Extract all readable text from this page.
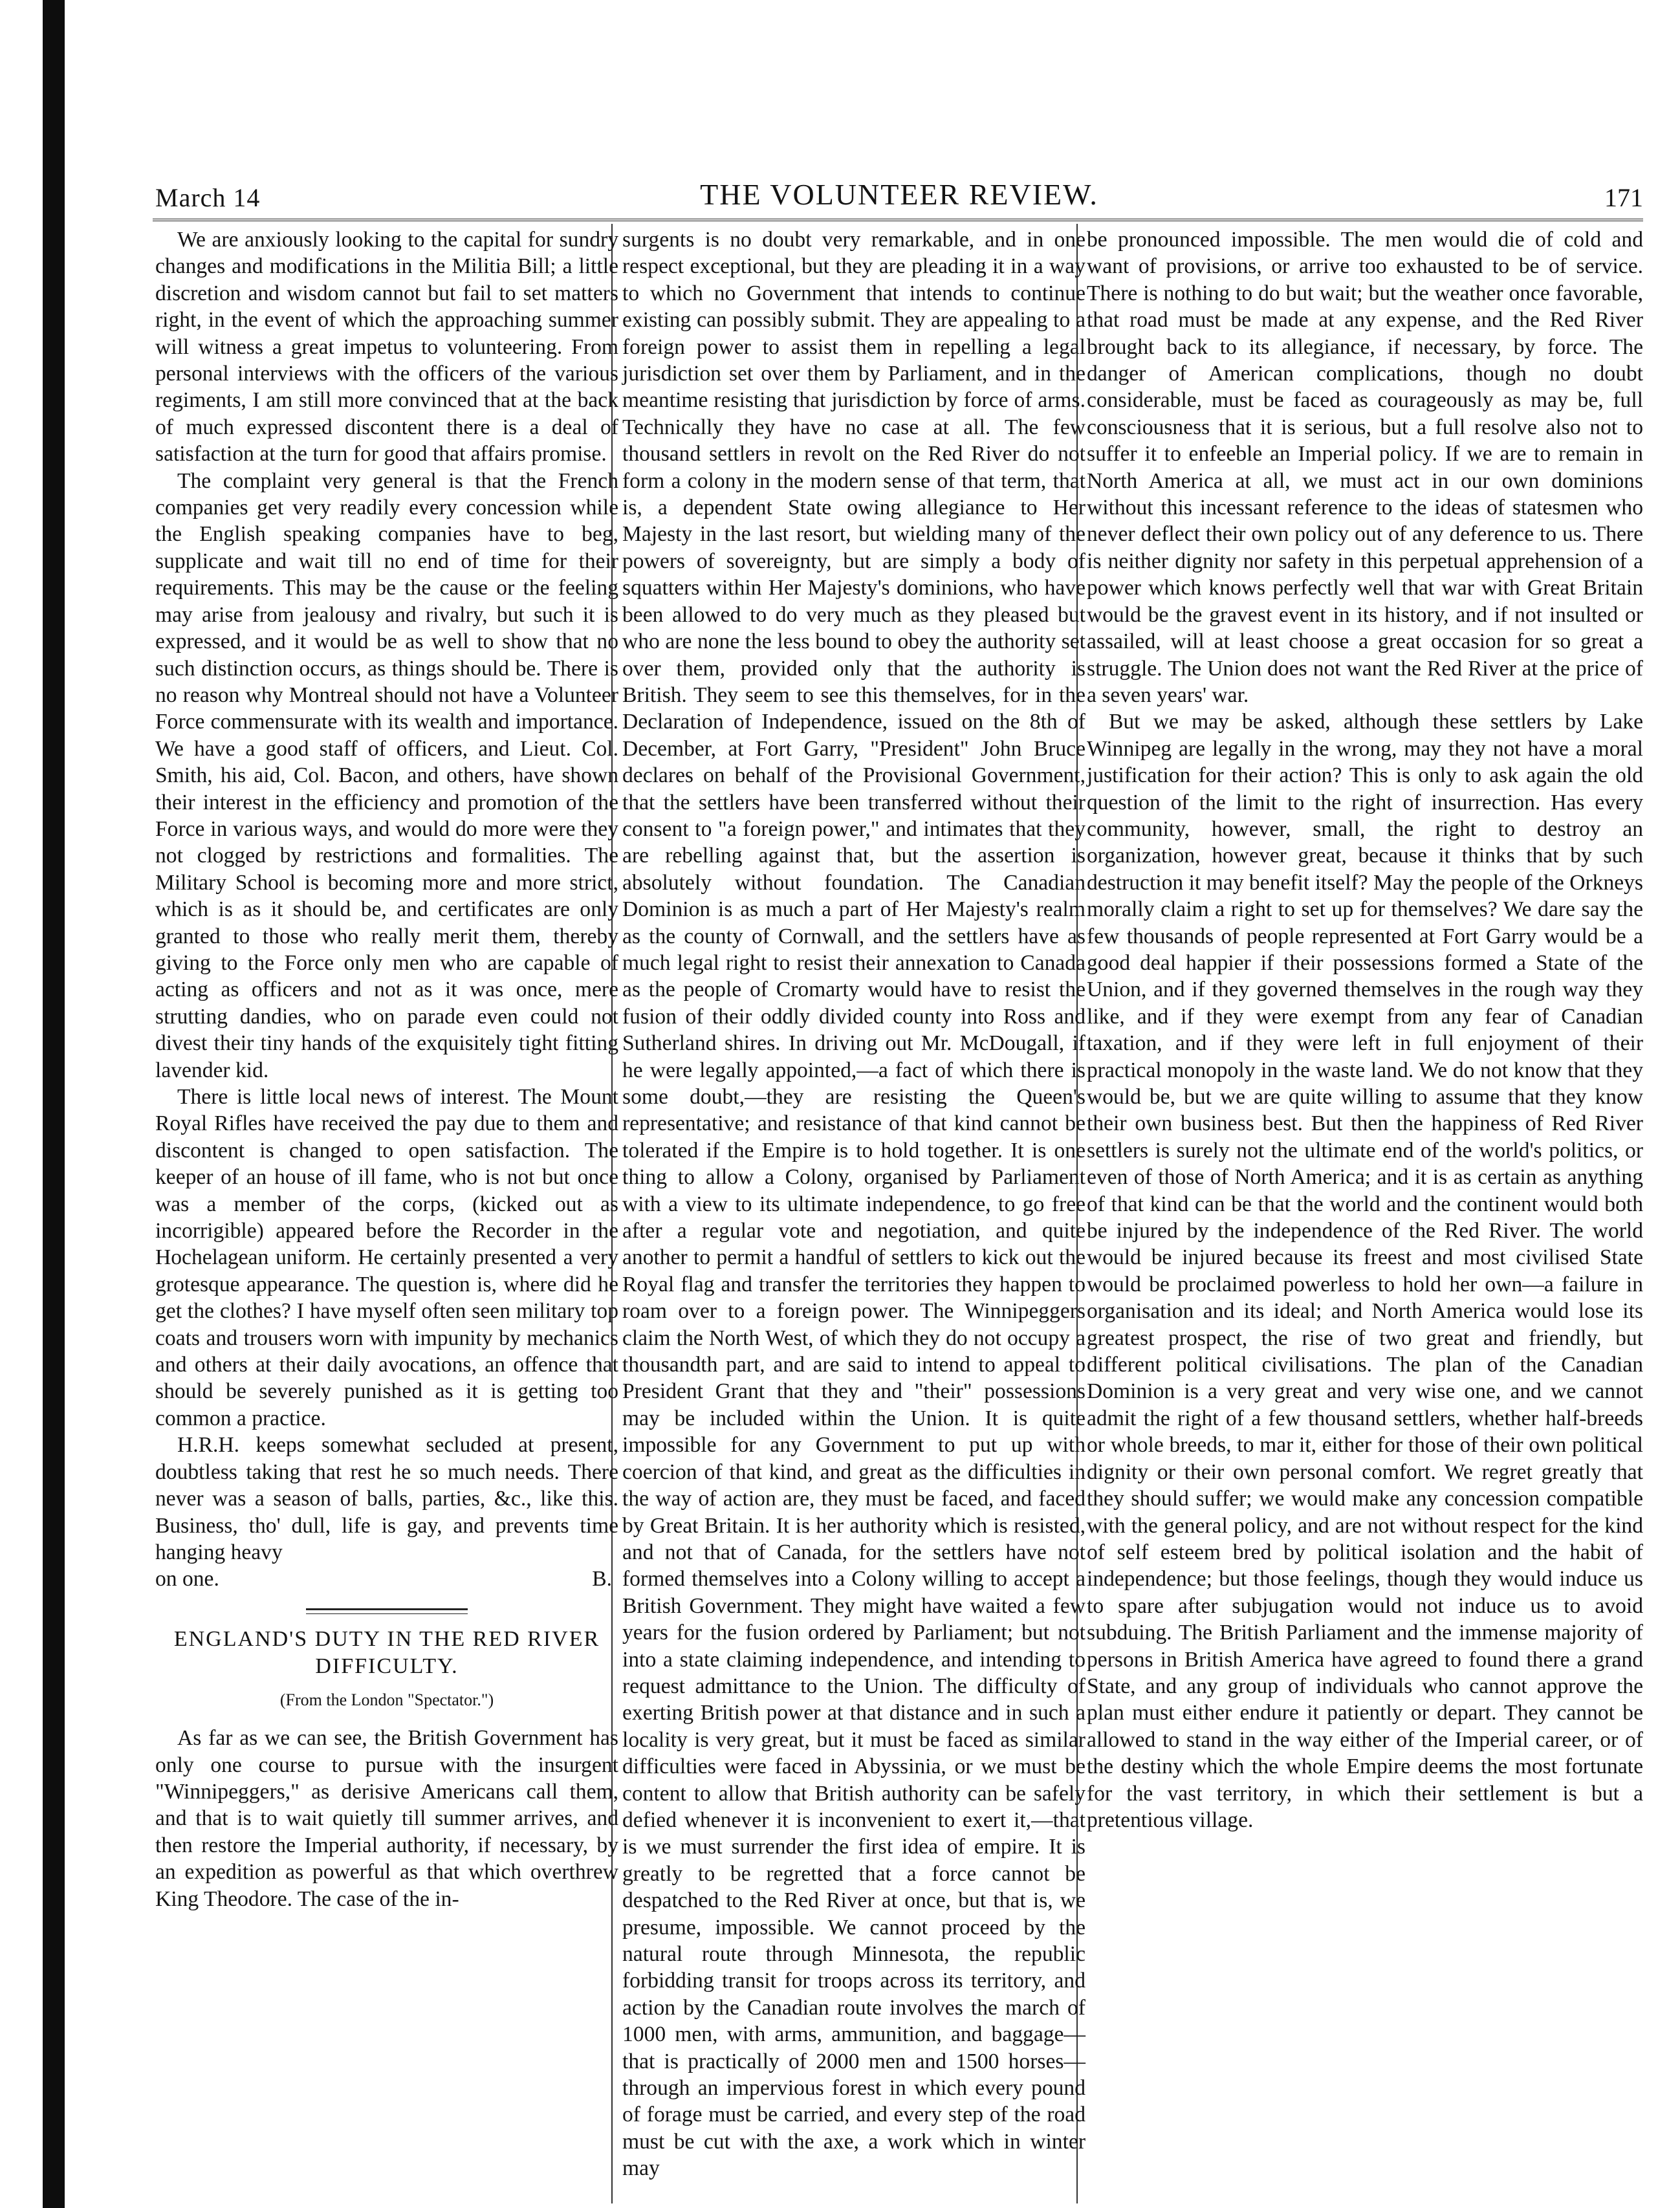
March 14	THE VOLUNTEER REVIEW.	171

We are anxiously looking to the capital for sundry changes and modifications in the Militia Bill; a little discretion and wisdom cannot but fail to set matters right, in the event of which the approaching summer will witness a great impetus to volunteering. From personal interviews with the officers of the various regiments, I am still more convinced that at the back of much expressed discontent there is a deal of satisfaction at the turn for good that affairs promise.

The complaint very general is that the French companies get very readily every concession while the English speaking companies have to beg, supplicate and wait till no end of time for their requirements. This may be the cause or the feeling may arise from jealousy and rivalry, but such it is expressed, and it would be as well to show that no such distinction occurs, as things should be. There is no reason why Montreal should not have a Volunteer Force commensurate with its wealth and importance. We have a good staff of officers, and Lieut. Col. Smith, his aid, Col. Bacon, and others, have shown their interest in the efficiency and promotion of the Force in various ways, and would do more were they not clogged by restrictions and formalities. The Military School is becoming more and more strict, which is as it should be, and certificates are only granted to those who really merit them, thereby giving to the Force only men who are capable of acting as officers and not as it was once, mere strutting dandies, who on parade even could not divest their tiny hands of the exquisitely tight fitting lavender kid.

There is little local news of interest. The Mount Royal Rifles have received the pay due to them and discontent is changed to open satisfaction. The keeper of an house of ill fame, who is not but once was a member of the corps, (kicked out as incorrigible) appeared before the Recorder in the Hochelagean uniform. He certainly presented a very grotesque appearance. The question is, where did he get the clothes? I have myself often seen military top coats and trousers worn with impunity by mechanics and others at their daily avocations, an offence that should be severely punished as it is getting too common a practice.

H.R.H. keeps somewhat secluded at present, doubtless taking that rest he so much needs. There never was a season of balls, parties, &c., like this. Business, tho' dull, life is gay, and prevents time hanging heavy

on one.	B.

ENGLAND'S DUTY IN THE RED RIVER DIFFICULTY.
(From the London "Spectator.")

As far as we can see, the British Government has only one course to pursue with the insurgent "Winnipeggers," as derisive Americans call them, and that is to wait quietly till summer arrives, and then restore the Imperial authority, if necessary, by an expedition as powerful as that which overthrew King Theodore. The case of the in-

surgents is no doubt very remarkable, and in one respect exceptional, but they are pleading it in a way to which no Government that intends to continue existing can possibly submit. They are appealing to a foreign power to assist them in repelling a legal jurisdiction set over them by Parliament, and in the meantime resisting that jurisdiction by force of arms. Technically they have no case at all. The few thousand settlers in revolt on the Red River do not form a colony in the modern sense of that term, that is, a dependent State owing allegiance to Her Majesty in the last resort, but wielding many of the powers of sovereignty, but are simply a body of squatters within Her Majesty's dominions, who have been allowed to do very much as they pleased but who are none the less bound to obey the authority set over them, provided only that the authority is British. They seem to see this themselves, for in the Declaration of Independence, issued on the 8th of December, at Fort Garry, "President" John Bruce declares on behalf of the Provisional Government, that the settlers have been transferred without their consent to "a foreign power," and intimates that they are rebelling against that, but the assertion is absolutely without foundation. The Canadian Dominion is as much a part of Her Majesty's realm as the county of Cornwall, and the settlers have as much legal right to resist their annexation to Canada as the people of Cromarty would have to resist the fusion of their oddly divided county into Ross and Sutherland shires. In driving out Mr. McDougall, if he were legally appointed,—a fact of which there is some doubt,—they are resisting the Queen's representative; and resistance of that kind cannot be tolerated if the Empire is to hold together. It is one thing to allow a Colony, organised by Parliament with a view to its ultimate independence, to go free after a regular vote and negotiation, and quite another to permit a handful of settlers to kick out the Royal flag and transfer the territories they happen to roam over to a foreign power. The Winnipeggers claim the North West, of which they do not occupy a thousandth part, and are said to intend to appeal to President Grant that they and "their" possessions may be included within the Union. It is quite impossible for any Government to put up with coercion of that kind, and great as the difficulties in the way of action are, they must be faced, and faced by Great Britain. It is her authority which is resisted, and not that of Canada, for the settlers have not formed themselves into a Colony willing to accept a British Government. They might have waited a few years for the fusion ordered by Parliament; but not into a state claiming independence, and intending to request admittance to the Union. The difficulty of exerting British power at that distance and in such a locality is very great, but it must be faced as similar difficulties were faced in Abyssinia, or we must be content to allow that British authority can be safely defied whenever it is inconvenient to exert it,—that is we must surrender the first idea of empire. It is greatly to be regretted that a force cannot be despatched to the Red River at once, but that is, we presume, impossible. We cannot proceed by the natural route through Minnesota, the republic forbidding transit for troops across its territory, and action by the Canadian route involves the march of 1000 men, with arms, ammunition, and baggage—that is practically of 2000 men and 1500 horses—through an impervious forest in which every pound of forage must be carried, and every step of the road must be cut with the axe, a work which in winter may

be pronounced impossible. The men would die of cold and want of provisions, or arrive too exhausted to be of service. There is nothing to do but wait; but the weather once favorable, that road must be made at any expense, and the Red River brought back to its allegiance, if necessary, by force. The danger of American complications, though no doubt considerable, must be faced as courageously as may be, full consciousness that it is serious, but a full resolve also not to suffer it to enfeeble an Imperial policy. If we are to remain in North America at all, we must act in our own dominions without this incessant reference to the ideas of statesmen who never deflect their own policy out of any deference to us. There is neither dignity nor safety in this perpetual apprehension of a power which knows perfectly well that war with Great Britain would be the gravest event in its history, and if not insulted or assailed, will at least choose a great occasion for so great a struggle. The Union does not want the Red River at the price of a seven years' war.

But we may be asked, although these settlers by Lake Winnipeg are legally in the wrong, may they not have a moral justification for their action? This is only to ask again the old question of the limit to the right of insurrection. Has every community, however, small, the right to destroy an organization, however great, because it thinks that by such destruction it may benefit itself? May the people of the Orkneys morally claim a right to set up for themselves? We dare say the few thousands of people represented at Fort Garry would be a good deal happier if their possessions formed a State of the Union, and if they governed themselves in the rough way they like, and if they were exempt from any fear of Canadian taxation, and if they were left in full enjoyment of their practical monopoly in the waste land. We do not know that they would be, but we are quite willing to assume that they know their own business best. But then the happiness of Red River settlers is surely not the ultimate end of the world's politics, or even of those of North America; and it is as certain as anything of that kind can be that the world and the continent would both be injured by the independence of the Red River. The world would be injured because its freest and most civilised State would be proclaimed powerless to hold her own—a failure in organisation and its ideal; and North America would lose its greatest prospect, the rise of two great and friendly, but different political civilisations. The plan of the Canadian Dominion is a very great and very wise one, and we cannot admit the right of a few thousand settlers, whether half-breeds or whole breeds, to mar it, either for those of their own political dignity or their own personal comfort. We regret greatly that they should suffer; we would make any concession compatible with the general policy, and are not without respect for the kind of self esteem bred by political isolation and the habit of independence; but those feelings, though they would induce us to spare after subjugation would not induce us to avoid subduing. The British Parliament and the immense majority of persons in British America have agreed to found there a grand State, and any group of individuals who cannot approve the plan must either endure it patiently or depart. They cannot be allowed to stand in the way either of the Imperial career, or of the destiny which the whole Empire deems the most fortunate for the vast territory, in which their settlement is but a pretentious village.
